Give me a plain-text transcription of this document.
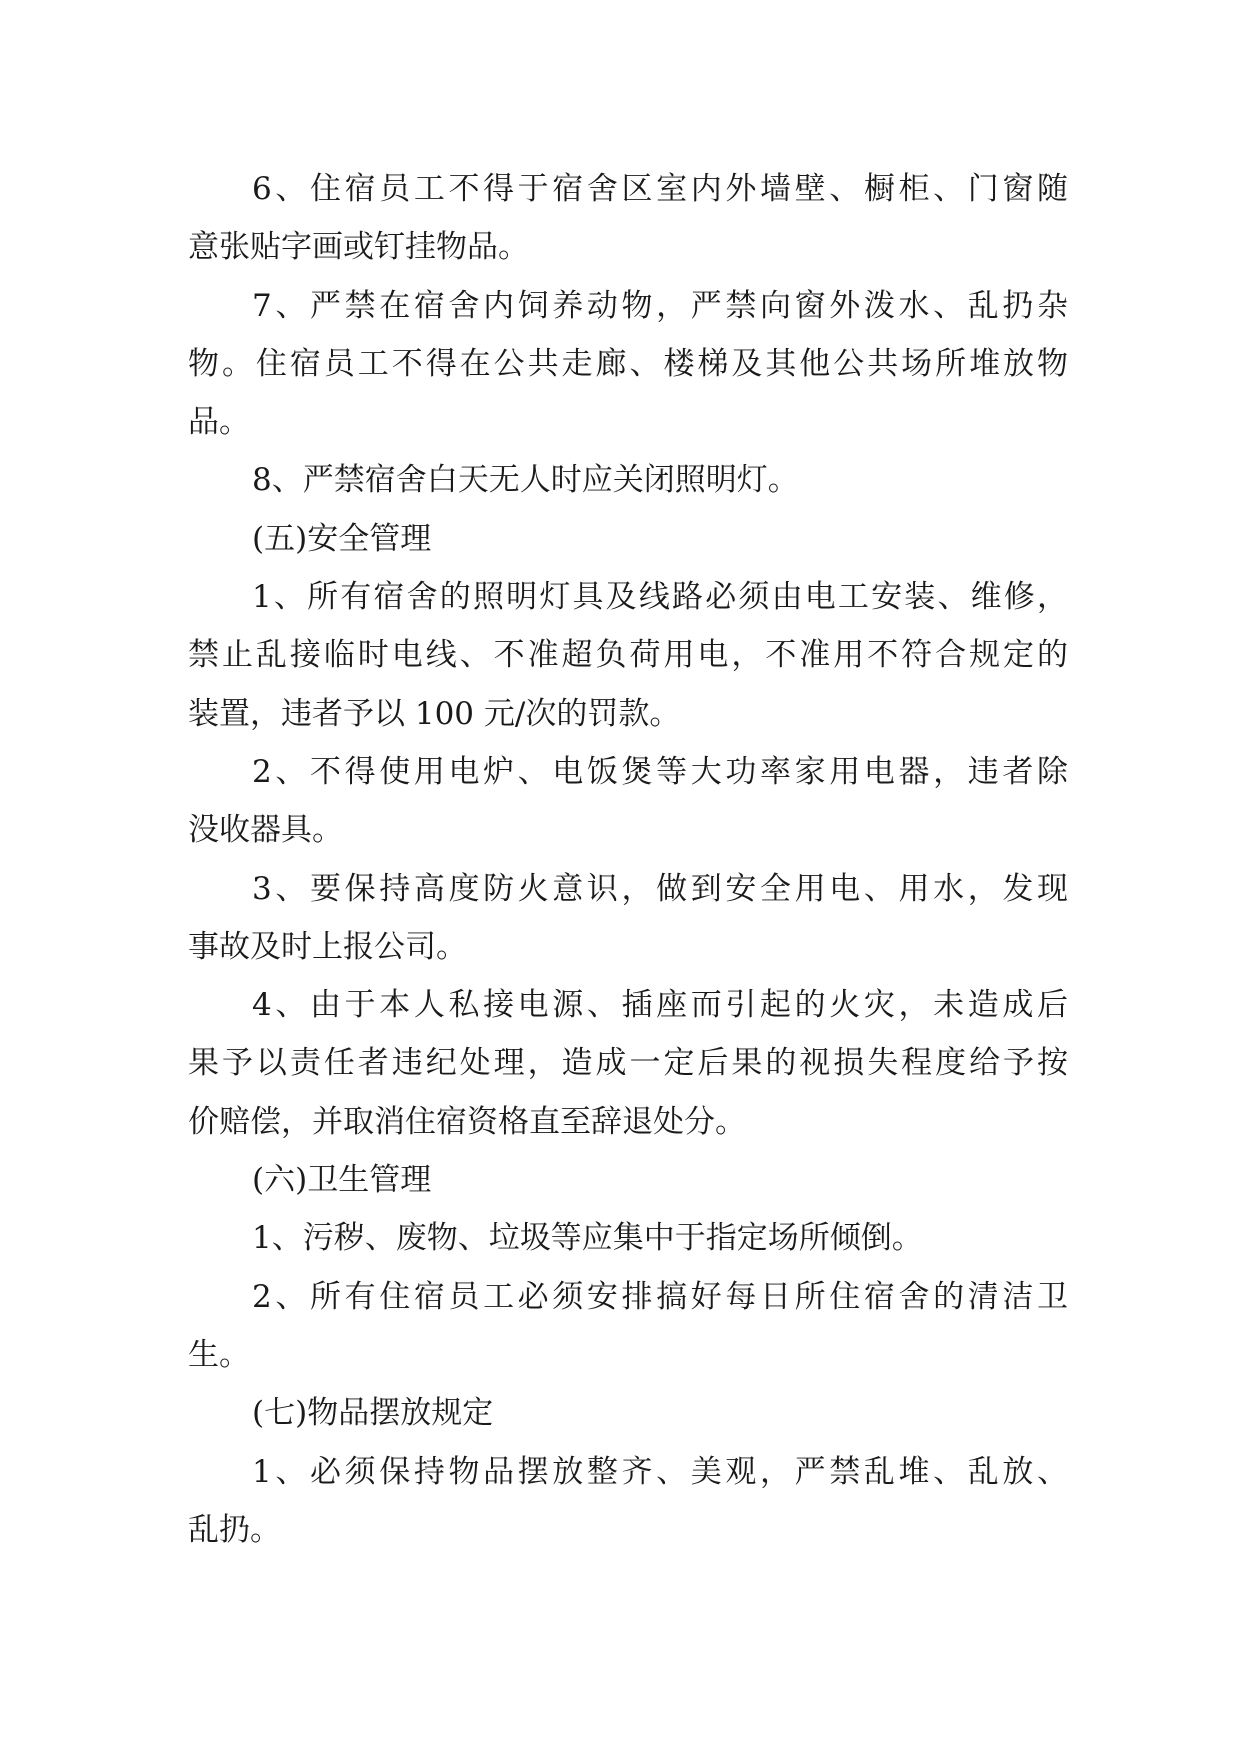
6、住宿员工不得于宿舍区室内外墙壁、橱柜、门窗随
意张贴字画或钉挂物品。
7、严禁在宿舍内饲养动物，严禁向窗外泼水、乱扔杂
物。住宿员工不得在公共走廊、楼梯及其他公共场所堆放物
品。
8、严禁宿舍白天无人时应关闭照明灯。
(五)安全管理
1、所有宿舍的照明灯具及线路必须由电工安装、维修，
禁止乱接临时电线、不准超负荷用电，不准用不符合规定的
装置，违者予以 100 元/次的罚款。
2、不得使用电炉、电饭煲等大功率家用电器，违者除
没收器具。
3、要保持高度防火意识，做到安全用电、用水，发现
事故及时上报公司。
4、由于本人私接电源、插座而引起的火灾，未造成后
果予以责任者违纪处理，造成一定后果的视损失程度给予按
价赔偿，并取消住宿资格直至辞退处分。
(六)卫生管理
1、污秽、废物、垃圾等应集中于指定场所倾倒。
2、所有住宿员工必须安排搞好每日所住宿舍的清洁卫
生。
(七)物品摆放规定
1、必须保持物品摆放整齐、美观，严禁乱堆、乱放、
乱扔。
